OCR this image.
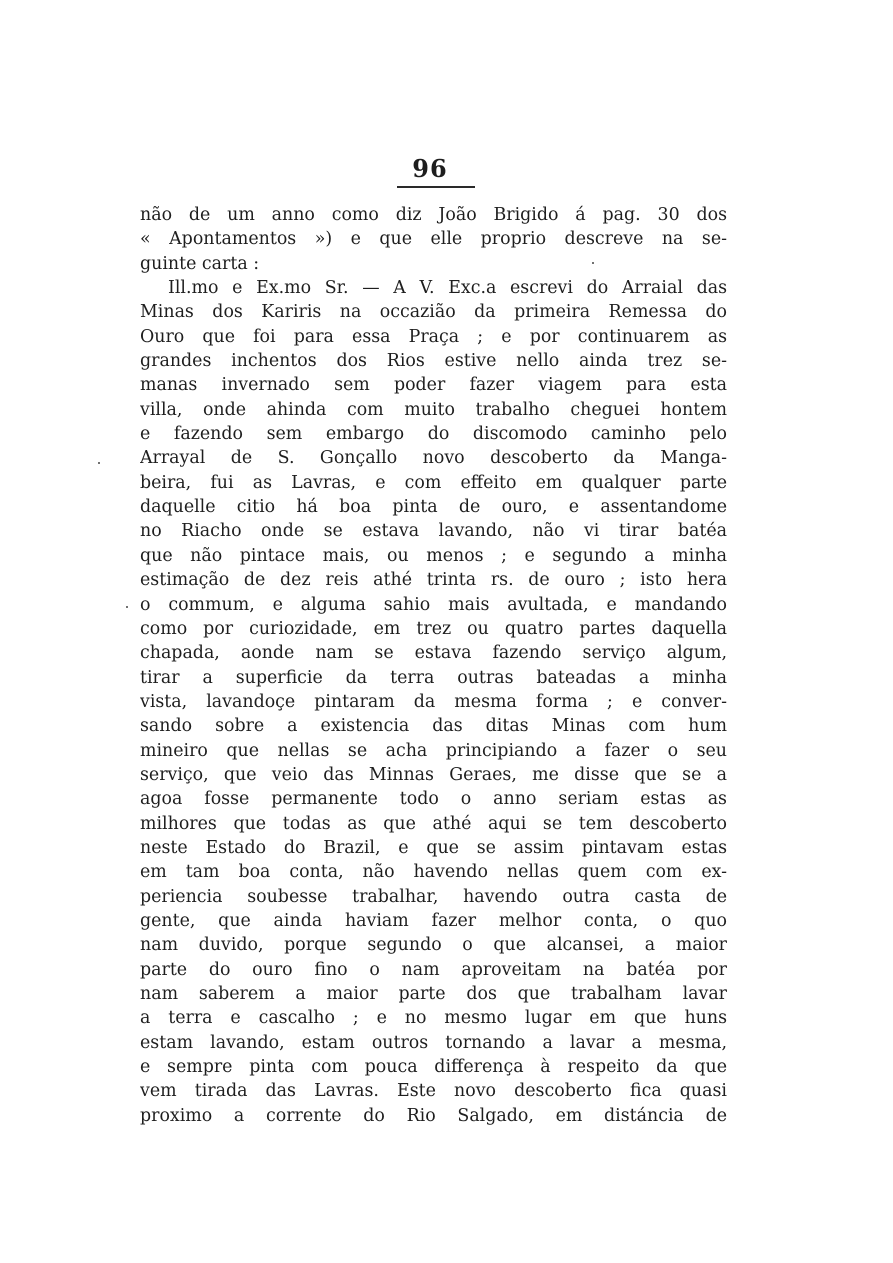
96
não de um anno como diz João Brigido á pag. 30 dos
« Apontamentos ») e que elle proprio descreve na se-
guinte carta :
Ill.mo e Ex.mo Sr. — A V. Exc.a escrevi do Arraial das
Minas dos Kariris na occazião da primeira Remessa do
Ouro que foi para essa Praça ; e por continuarem as
grandes inchentos dos Rios estive nello ainda trez se-
manas invernado sem poder fazer viagem para esta
villa, onde ahinda com muito trabalho cheguei hontem
e fazendo sem embargo do discomodo caminho pelo
Arrayal de S. Gonçallo novo descoberto da Manga-
beira, fui as Lavras, e com effeito em qualquer parte
daquelle citio há boa pinta de ouro, e assentandome
no Riacho onde se estava lavando, não vi tirar batéa
que não pintace mais, ou menos ; e segundo a minha
estimação de dez reis athé trinta rs. de ouro ; isto hera
o commum, e alguma sahio mais avultada, e mandando
como por curiozidade, em trez ou quatro partes daquella
chapada, aonde nam se estava fazendo serviço algum,
tirar a superficie da terra outras bateadas a minha
vista, lavandoçe pintaram da mesma forma ; e conver-
sando sobre a existencia das ditas Minas com hum
mineiro que nellas se acha principiando a fazer o seu
serviço, que veio das Minnas Geraes, me disse que se a
agoa fosse permanente todo o anno seriam estas as
milhores que todas as que athé aqui se tem descoberto
neste Estado do Brazil, e que se assim pintavam estas
em tam boa conta, não havendo nellas quem com ex-
periencia soubesse trabalhar, havendo outra casta de
gente, que ainda haviam fazer melhor conta, o quo
nam duvido, porque segundo o que alcansei, a maior
parte do ouro fino o nam aproveitam na batéa por
nam saberem a maior parte dos que trabalham lavar
a terra e cascalho ; e no mesmo lugar em que huns
estam lavando, estam outros tornando a lavar a mesma,
e sempre pinta com pouca differença à respeito da que
vem tirada das Lavras. Este novo descoberto fica quasi
proximo a corrente do Rio Salgado, em distáncia de
